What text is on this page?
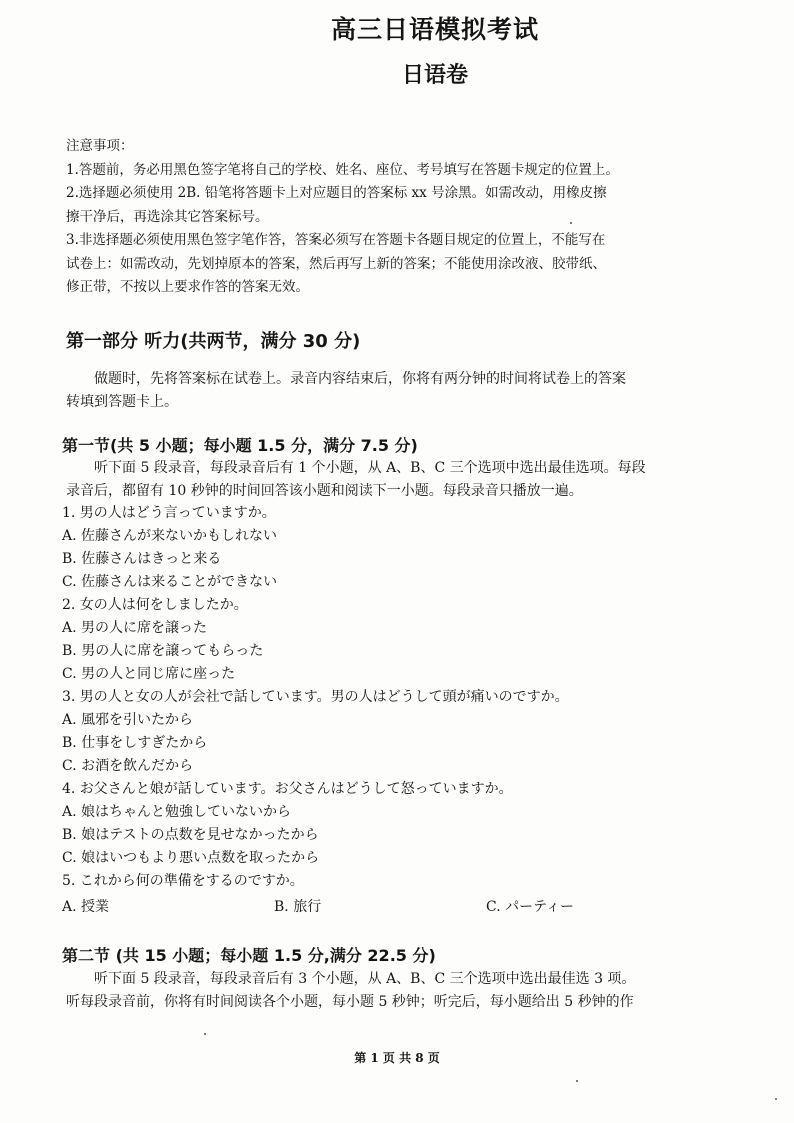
高三日语模拟考试
日语卷
注意事项：
1.答题前，务必用黑色签字笔将自己的学校、姓名、座位、考号填写在答题卡规定的位置上。
2.选择题必须使用 2B. 铅笔将答题卡上对应题目的答案标 xx 号涂黑。如需改动，用橡皮擦
擦干净后，再选涂其它答案标号。
3.非选择题必须使用黑色签字笔作答，答案必须写在答题卡各题目规定的位置上，不能写在
试卷上：如需改动，先划掉原本的答案，然后再写上新的答案；不能使用涂改液、胶带纸、
修正带，不按以上要求作答的答案无效。
第一部分 听力(共两节，满分 30 分)
　　做题时，先将答案标在试卷上。录音内容结束后，你将有两分钟的时间将试卷上的答案
转填到答题卡上。
第一节(共 5 小题；每小题 1.5 分，满分 7.5 分)
　　听下面 5 段录音，每段录音后有 1 个小题，从 A、B、C 三个选项中选出最佳选项。每段
录音后，都留有 10 秒钟的时间回答该小题和阅读下一小题。每段录音只播放一遍。
1. 男の人はどう言っていますか。
A. 佐藤さんが来ないかもしれない
B. 佐藤さんはきっと来る
C. 佐藤さんは来ることができない
2. 女の人は何をしましたか。
A. 男の人に席を譲った
B. 男の人に席を譲ってもらった
C. 男の人と同じ席に座った
3. 男の人と女の人が会社で話しています。男の人はどうして頭が痛いのですか。
A. 風邪を引いたから
B. 仕事をしすぎたから
C. お酒を飲んだから
4. お父さんと娘が話しています。お父さんはどうして怒っていますか。
A. 娘はちゃんと勉強していないから
B. 娘はテストの点数を見せなかったから
C. 娘はいつもより悪い点数を取ったから
5. これから何の準備をするのですか。
A. 授業	B. 旅行	C. パーティー
第二节 (共 15 小题；每小题 1.5 分,满分 22.5 分)
　　听下面 5 段录音，每段录音后有 3 个小题，从 A、B、C 三个选项中选出最佳选 3 项。
听每段录音前，你将有时间阅读各个小题，每小题 5 秒钟；听完后，每小题给出 5 秒钟的作
第 1 页 共 8 页
